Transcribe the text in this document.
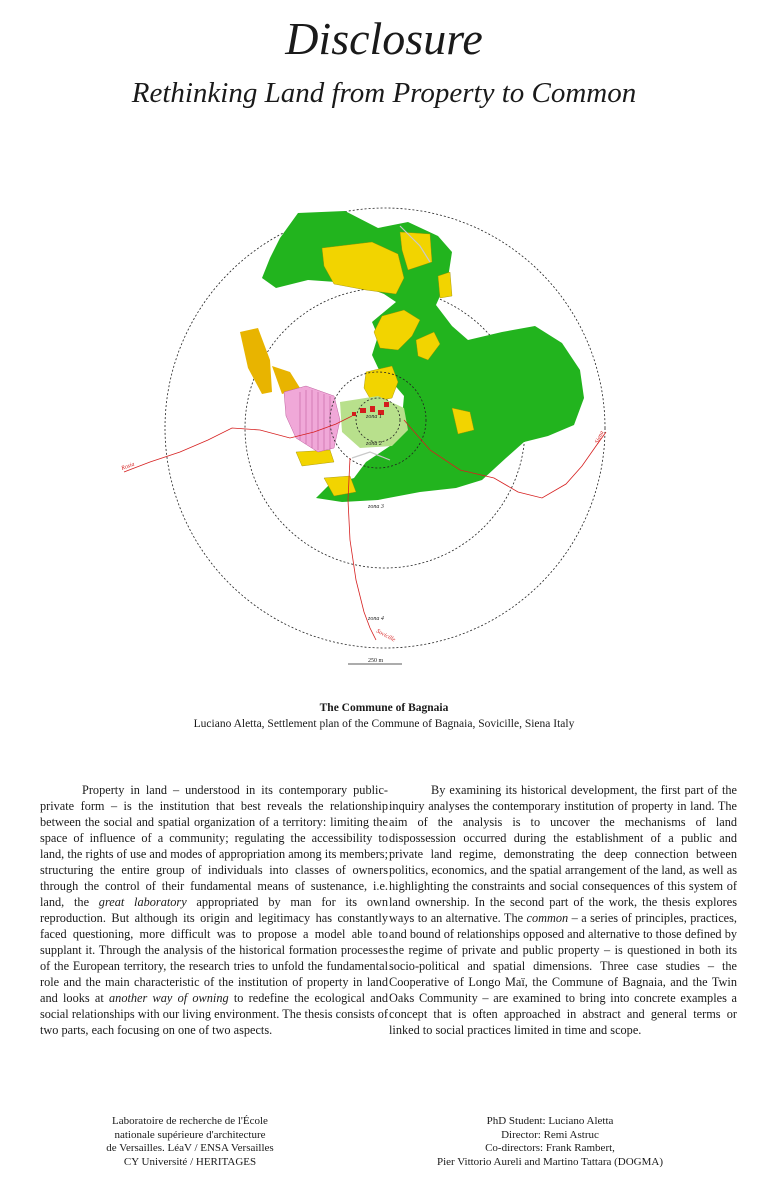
Disclosure
Rethinking Land from Property to Common
zona 1
zona 2
zona 3
zona 4
Rosia
Siena
Sovicille
250 m
The Commune of Bagnaia
Luciano Aletta, Settlement plan of the Commune of Bagnaia, Sovicille, Siena Italy

Property in land – understood in its contemporary public-private form – is the institution that best reveals the relationship between the social and spatial organization of a territory: limiting the space of influence of a community; regulating the accessibility to land, the rights of use and modes of appropriation among its members; structuring the entire group of individuals into classes of owners through the control of their fundamental means of sustenance, i.e. land, the great laboratory appropriated by man for its own reproduction. But although its origin and legitimacy has constantly faced questioning, more difficult was to propose a model able to supplant it. Through the analysis of the historical formation processes of the European territory, the research tries to unfold the fundamental role and the main characteristic of the institution of property in land and looks at another way of owning to redefine the ecological and social relationships with our living environment. The thesis consists of two parts, each focusing on one of two aspects.

By examining its historical development, the first part of the inquiry analyses the contemporary institution of property in land. The aim of the analysis is to uncover the mechanisms of land dispossession occurred during the establishment of a public and private land regime, demonstrating the deep connection between politics, economics, and the spatial arrangement of the land, as well as highlighting the constraints and social consequences of this system of land ownership. In the second part of the work, the thesis explores ways to an alternative. The common – a series of principles, practices, and bound of relationships opposed and alternative to those defined by the regime of private and public property – is questioned in both its socio-political and spatial dimensions. Three case studies – the Cooperative of Longo Maï, the Commune of Bagnaia, and the Twin Oaks Community – are examined to bring into concrete examples a concept that is often approached in abstract and general terms or linked to social practices limited in time and scope.

Laboratoire de recherche de l'École
nationale supérieure d'architecture
de Versailles. LéaV / ENSA Versailles
CY Université / HERITAGES
PhD Student: Luciano Aletta
Director: Remi Astruc
Co-directors: Frank Rambert,
Pier Vittorio Aureli and Martino Tattara (DOGMA)
